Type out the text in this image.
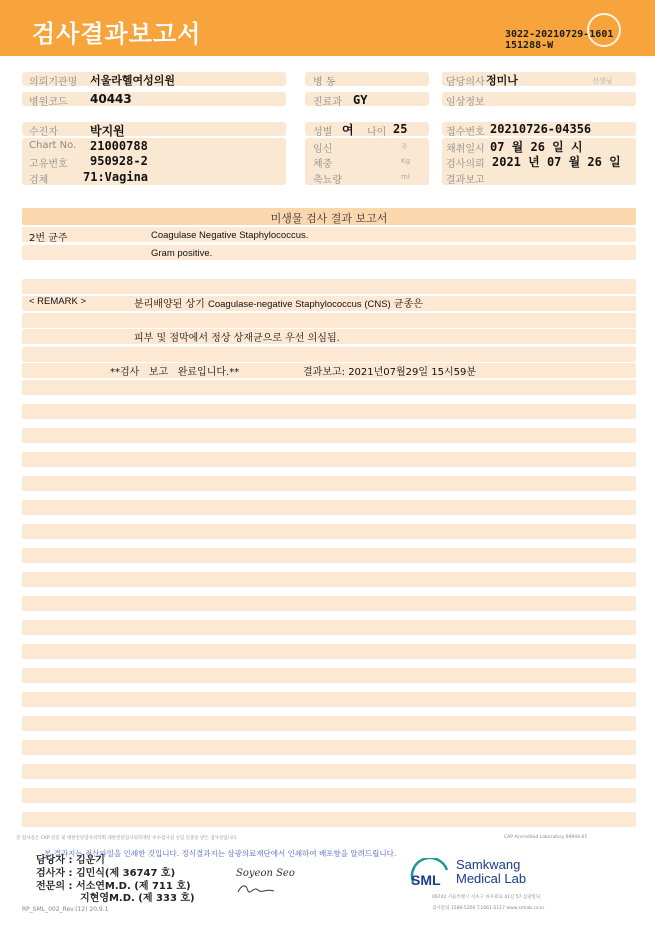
검사결과보고서	3022-20210729-1601
151288-W
의뢰기관명 서울라헬여성의원
병원코드 40443
수진자	박지원
Chart No. 21000788
고유번호 950928-2
검체	71:Vagina
병 동
진료과 GY
성별 여 나이 25
임신	주
체중	Kg
축뇨량	ml
담당의사 정미나	선생님
임상정보
접수번호 20210726-04356
채취일시 07 월 26 일 시
검사의뢰 2021 년 07 월 26 일
결과보고
미생물 검사 결과 보고서
2번 균주	Coagulase Negative Staphylococcus.
Gram positive.
< REMARK >	분리배양된 상기 Coagulase-negative Staphylococcus (CNS) 균종은
피부 및 점막에서 정상 상재균으로 우선 의심됨.
**검사   보고   완료입니다.**	결과보고: 2021년07월29일 15시59분
본 검사실은 CAP 인증 및 대한진단검사의학회 대한진단검사의학재단 우수검사실 신임 인증을 받은 검사실입니다.	CAP Accredited Laboratory 89944-01
본 결과지는 전산파일을 인쇄한 것입니다. 정식결과지는 삼광의료재단에서 인쇄하여 배포함을 알려드립니다.
담당자 : 김운기
검사자 : 김민식(제 36747 호)
전문의 : 서소연M.D. (제 711 호)
지현영M.D. (제 333 호)
Soyeon Seo	SML
Samkwang
Medical Lab
06742 서울특별시 서초구 바우뫼로 41길 57 삼광빌딩
검사문의 1588-5200 T.1661-5117 www.smlab.co.kr
RP_SML_002_Rev.(12) 20.9.1
